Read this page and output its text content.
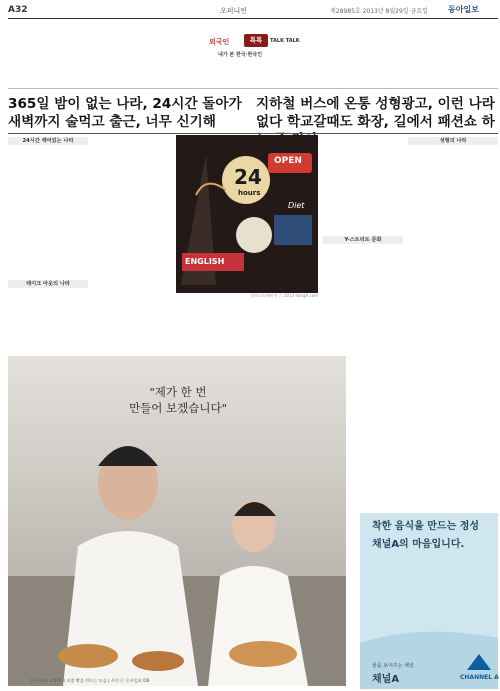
A32	오피니언	제28985호 2013년 8월29일 금요일	동아일보
외국인	톡톡	TALK TALK
내가 본 한국·한국인
365일 밤이 없는 나라, 24시간 돌아가 새벽까지 술먹고 출근, 너무 신기해
지하철 버스에 온통 성형광고, 이런 나라 없다 학교갈때도 화장, 길에서 패션쇼 하
24시간 깨어있는 나라
테이크 아웃의 나라
OPEN
24
hours
Diet
ENGLISH
일러스트레이션 ⓒ 2013 dongA.com
성형의 나라
Y-스트리트 문화
"제가 한 번
만들어 보겠습니다"
한국 카페 공방에서 직접 빵을 만드는 모습 | 사진 ⓒ 동아일보 DB
착한 음식을 만드는 정성
채널A의 마음입니다.
꿈을 보여주는 채널
채널A	CHANNEL A
